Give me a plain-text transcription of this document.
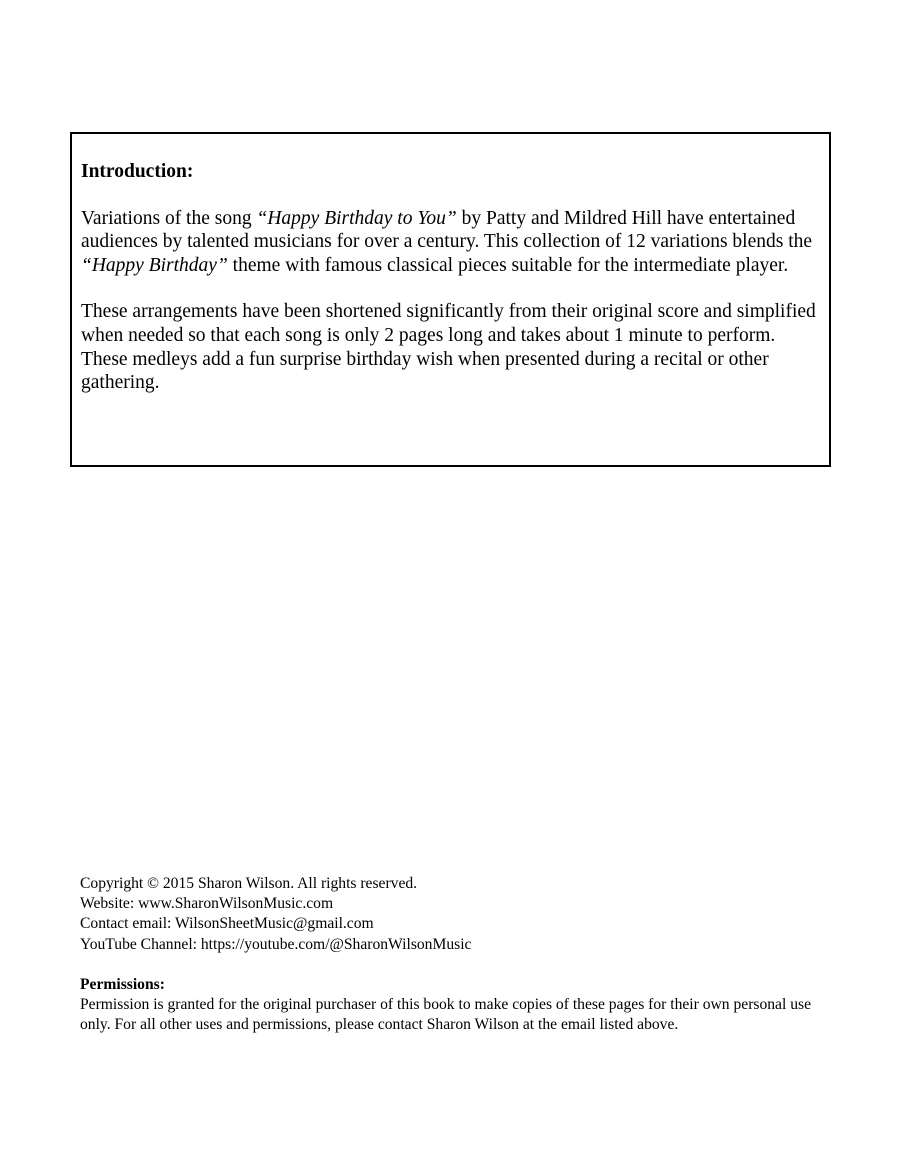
Introduction:

Variations of the song “Happy Birthday to You” by Patty and Mildred Hill have entertained audiences by talented musicians for over a century. This collection of 12 variations blends the “Happy Birthday” theme with famous classical pieces suitable for the intermediate player.

These arrangements have been shortened significantly from their original score and simplified when needed so that each song is only 2 pages long and takes about 1 minute to perform. These medleys add a fun surprise birthday wish when presented during a recital or other gathering.

Copyright © 2015 Sharon Wilson. All rights reserved.
Website: www.SharonWilsonMusic.com
Contact email: WilsonSheetMusic@gmail.com
YouTube Channel: https://youtube.com/@SharonWilsonMusic
Permissions:
Permission is granted for the original purchaser of this book to make copies of these pages for their own personal use only. For all other uses and permissions, please contact Sharon Wilson at the email listed above.
